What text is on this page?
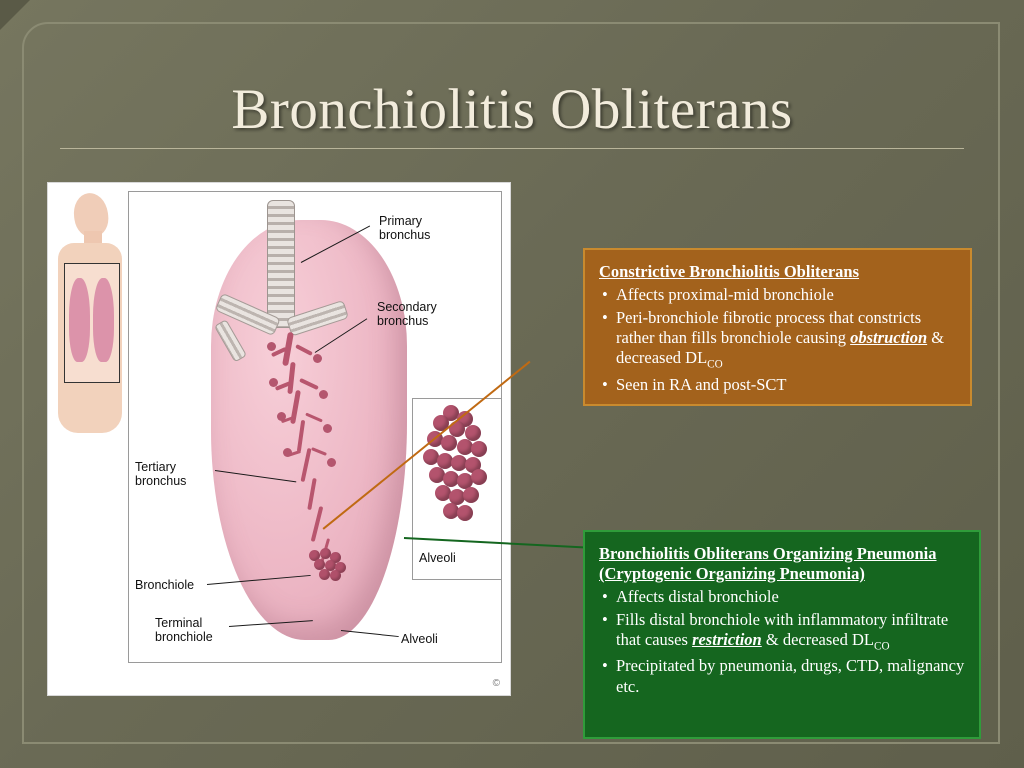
Bronchiolitis Obliterans
Alveoli
Primary
bronchus
Secondary
bronchus
Tertiary
bronchus
Bronchiole
Terminal
bronchiole	Alveoli
©
Constrictive Bronchiolitis Obliterans
• Affects proximal-mid bronchiole
• Peri-bronchiole fibrotic process that constricts rather than fills bronchiole causing obstruction & decreased $DL_{CO}$
• Seen in RA and post-SCT
Bronchiolitis Obliterans Organizing Pneumonia (Cryptogenic Organizing Pneumonia)
• Affects distal bronchiole
• Fills distal bronchiole with inflammatory infiltrate that causes restriction & decreased $DL_{CO}$
• Precipitated by pneumonia, drugs, CTD, malignancy etc.
